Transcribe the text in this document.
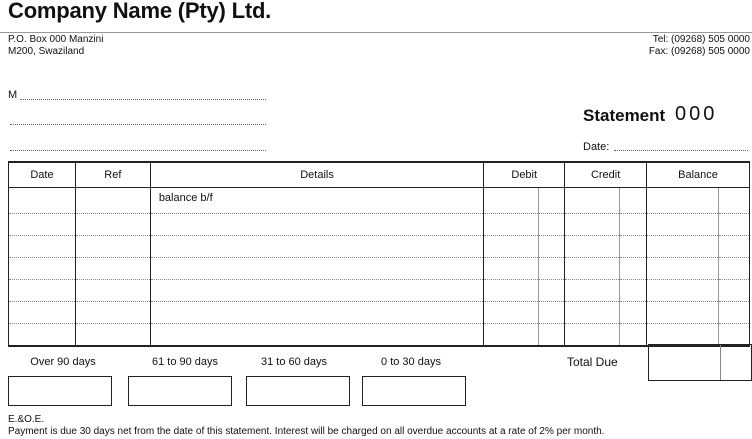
Company Name (Pty) Ltd.
P.O. Box 000 Manzini
M200, Swaziland
Tel: (09268) 505 0000
Fax: (09268) 505 0000
M
Statement 000
Date:
Date	Ref	Details	Debit		Credit		Balance	
		balance b/f						

Over 90 days	61 to 90 days	31 to 60 days	0 to 30 days	Total Due
E.&O.E.
Payment is due 30 days net from the date of this statement. Interest will be charged on all overdue accounts at a rate of 2% per month.
